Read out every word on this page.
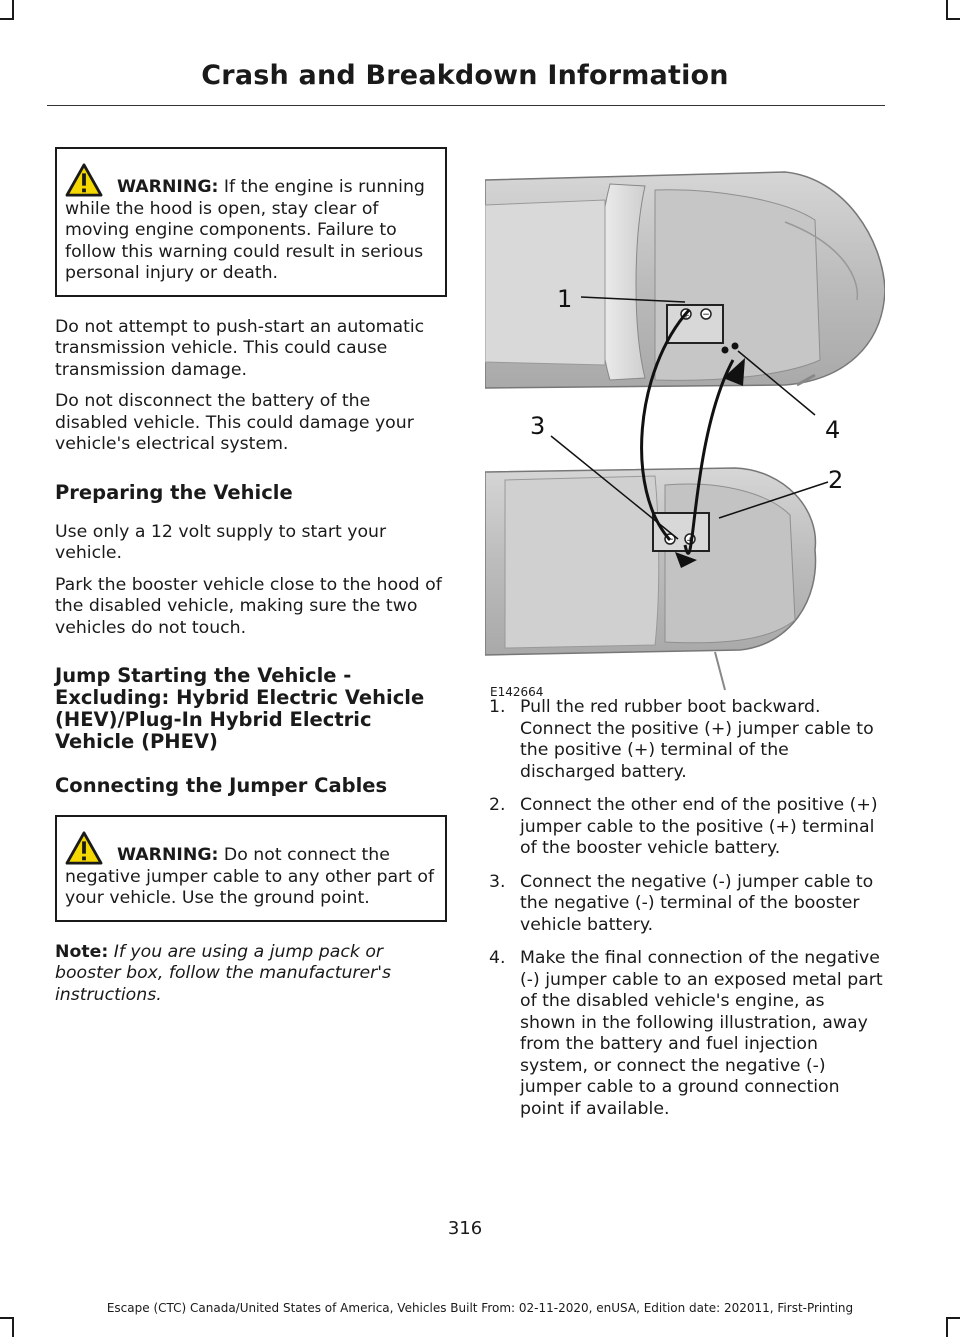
Crash and Breakdown Information

WARNING: If the engine is running while the hood is open, stay clear of moving engine components. Failure to follow this warning could result in serious personal injury or death.

Do not attempt to push-start an automatic transmission vehicle. This could cause transmission damage.

Do not disconnect the battery of the disabled vehicle. This could damage your vehicle's electrical system.

Preparing the Vehicle

Use only a 12 volt supply to start your vehicle.

Park the booster vehicle close to the hood of the disabled vehicle, making sure the two vehicles do not touch.

Jump Starting the Vehicle - Excluding: Hybrid Electric Vehicle (HEV)/Plug-In Hybrid Electric Vehicle (PHEV)
Connecting the Jumper Cables

WARNING: Do not connect the negative jumper cable to any other part of your vehicle. Use the ground point.

Note: If you are using a jump pack or booster box, follow the manufacturer's instructions.

+ −
− +
1
2
3	4
E142664
1. Pull the red rubber boot backward. Connect the positive (+) jumper cable to the positive (+) terminal of the discharged battery.
2. Connect the other end of the positive (+) jumper cable to the positive (+) terminal of the booster vehicle battery.
3. Connect the negative (-) jumper cable to the negative (-) terminal of the booster vehicle battery.
4. Make the final connection of the negative (-) jumper cable to an exposed metal part of the disabled vehicle's engine, as shown in the following illustration, away from the battery and fuel injection system, or connect the negative (-) jumper cable to a ground connection point if available.
316
Escape (CTC) Canada/United States of America, Vehicles Built From: 02-11-2020, enUSA, Edition date: 202011, First-Printing
